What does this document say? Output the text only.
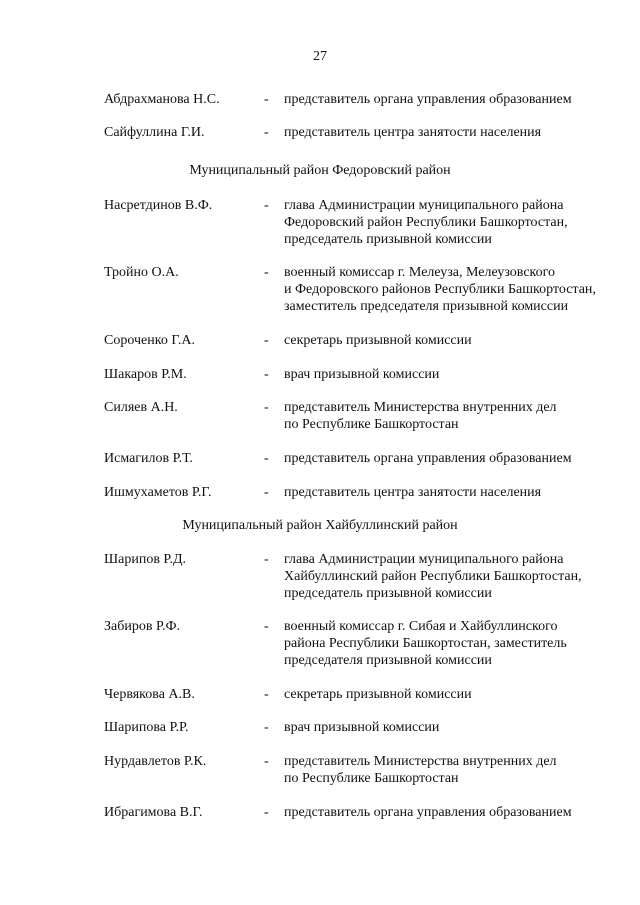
27
Абдрахманова Н.С.	- представитель органа управления образованием
Сайфуллина Г.И.	- представитель центра занятости населения
Муниципальный район Федоровский район
Насретдинов В.Ф.	- глава Администрации муниципального района
Федоровский район Республики Башкортостан,
председатель призывной комиссии
Тройно О.А.	- военный комиссар г. Мелеуза, Мелеузовского
и Федоровского районов Республики Башкортостан,
заместитель председателя призывной комиссии
Сороченко Г.А.	- секретарь призывной комиссии
Шакаров Р.М.	- врач призывной комиссии
Силяев А.Н.	- представитель Министерства внутренних дел
по Республике Башкортостан
Исмагилов Р.Т.	- представитель органа управления образованием
Ишмухаметов Р.Г.	- представитель центра занятости населения
Муниципальный район Хайбуллинский район
Шарипов Р.Д.	- глава Администрации муниципального района
Хайбуллинский район Республики Башкортостан,
председатель призывной комиссии
Забиров Р.Ф.	- военный комиссар г. Сибая и Хайбуллинского
района Республики Башкортостан, заместитель
председателя призывной комиссии
Червякова А.В.	- секретарь призывной комиссии
Шарипова Р.Р.	- врач призывной комиссии
Нурдавлетов Р.К.	- представитель Министерства внутренних дел
по Республике Башкортостан
Ибрагимова В.Г.	- представитель органа управления образованием
